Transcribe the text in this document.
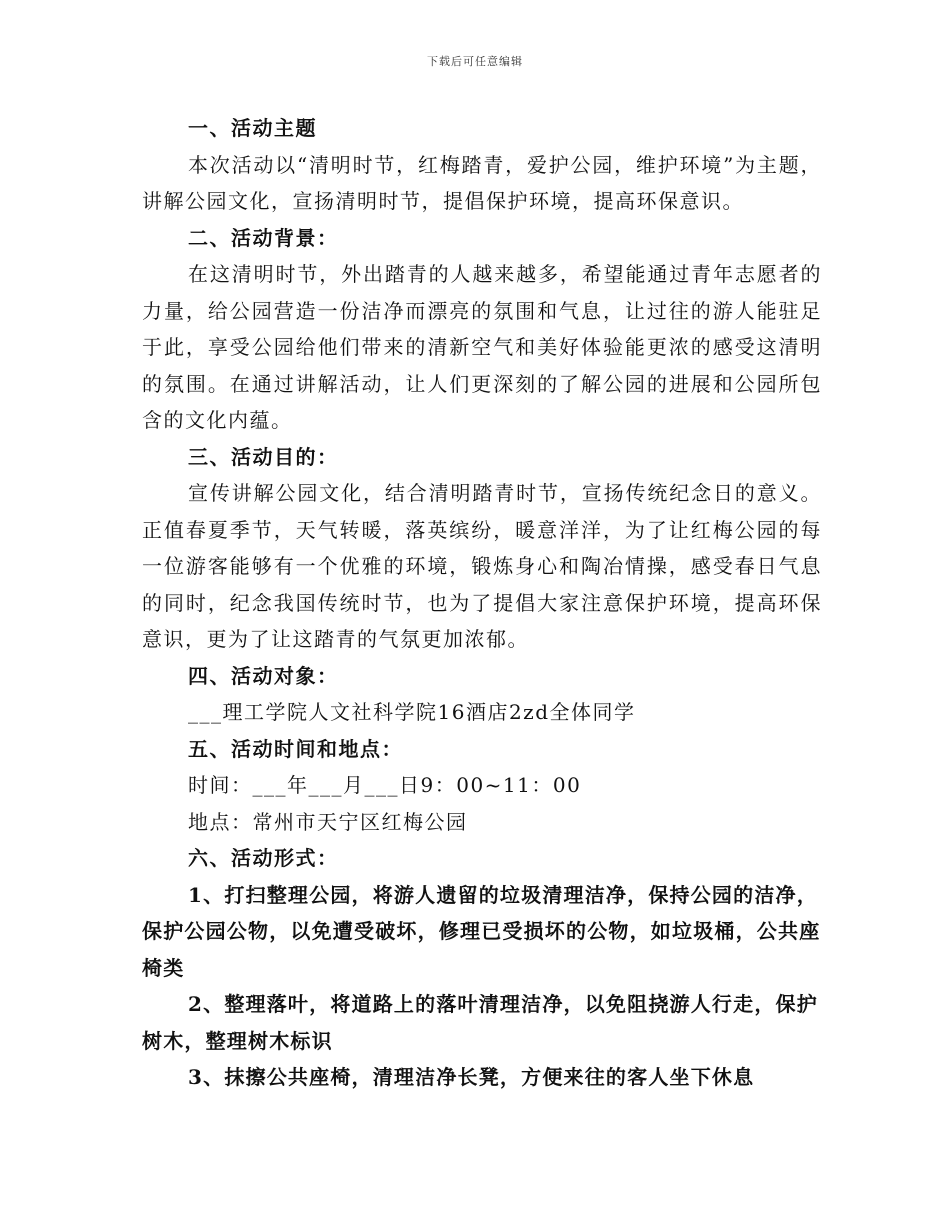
下载后可任意编辑
一、活动主题
本次活动以“清明时节，红梅踏青，爱护公园，维护环境”为主题，讲解公园文化，宣扬清明时节，提倡保护环境，提高环保意识。
二、活动背景：
在这清明时节，外出踏青的人越来越多，希望能通过青年志愿者的力量，给公园营造一份洁净而漂亮的氛围和气息，让过往的游人能驻足于此，享受公园给他们带来的清新空气和美好体验能更浓的感受这清明的氛围。在通过讲解活动，让人们更深刻的了解公园的进展和公园所包含的文化内蕴。
三、活动目的：
宣传讲解公园文化，结合清明踏青时节，宣扬传统纪念日的意义。正值春夏季节，天气转暖，落英缤纷，暖意洋洋，为了让红梅公园的每一位游客能够有一个优雅的环境，锻炼身心和陶冶情操，感受春日气息的同时，纪念我国传统时节，也为了提倡大家注意保护环境，提高环保意识，更为了让这踏青的气氛更加浓郁。
四、活动对象：
___理工学院人文社科学院16酒店2zd全体同学
五、活动时间和地点：
时间：___年___月___日9：00~11：00
地点：常州市天宁区红梅公园
六、活动形式：
1、打扫整理公园，将游人遗留的垃圾清理洁净，保持公园的洁净，保护公园公物，以免遭受破坏，修理已受损坏的公物，如垃圾桶，公共座椅类
2、整理落叶，将道路上的落叶清理洁净，以免阻挠游人行走，保护树木，整理树木标识
3、抹擦公共座椅，清理洁净长凳，方便来往的客人坐下休息
